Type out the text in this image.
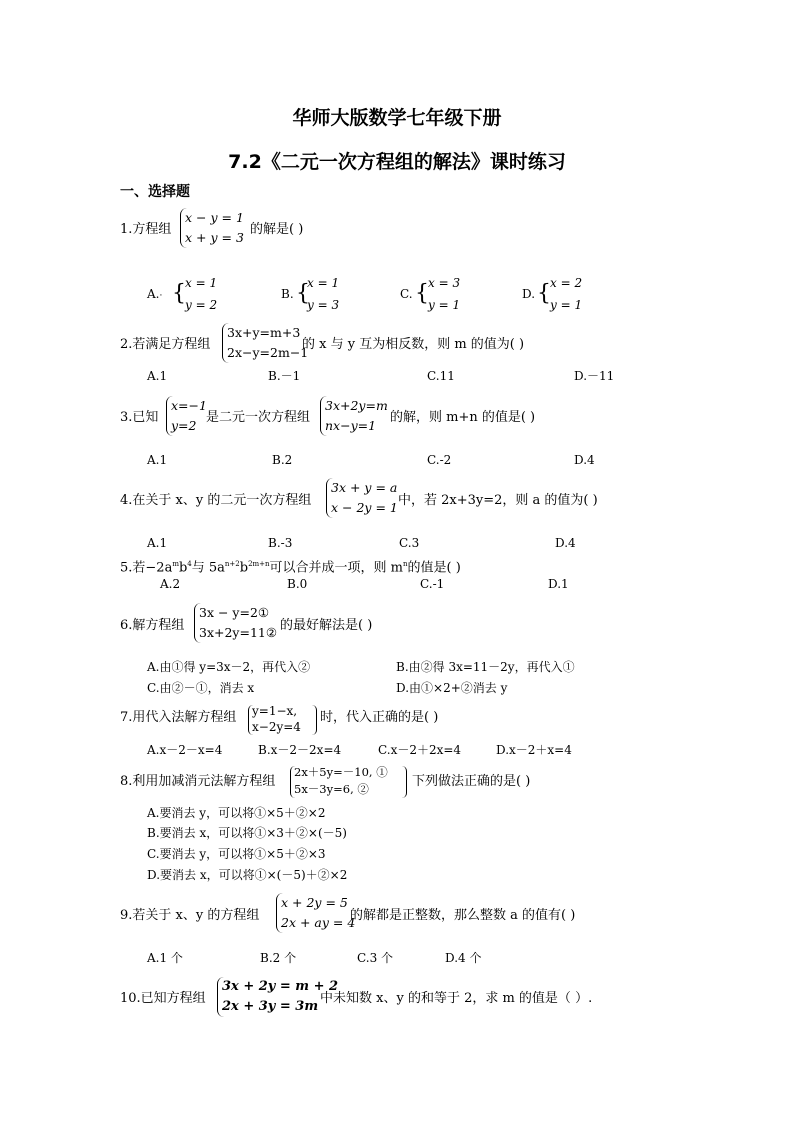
华师大版数学七年级下册
7.2《二元一次方程组的解法》课时练习
一、选择题
1.方程组
x − y = 1
x + y = 3
的解是( )
A.· { x = 1
y = 2
B. {
x = 1
y = 3
C. { x = 3
y = 1
D. { x = 2
y = 1
2.若满足方程组
3x+y=m+3
2x−y=2m−1
的 x 与 y 互为相反数，则 m 的值为( )
A.1	B.－1	C.11	D.－11
3.已知
x=−1
y=2
是二元一次方程组
3x+2y=m
nx−y=1
的解，则 m+n 的值是( )
A.1	B.2	C.-2	D.4
4.在关于 x、y 的二元一次方程组
3x + y = a
x − 2y = 1 中，若 2x+3y=2，则 a 的值为( )
A.1	B.-3	C.3	D.4
5.若$-2a^mb^4$与 $5a^{n+2}b^{2m+n}$可以合并成一项，则 $m^n$的值是( )
A.2	B.0	C.-1	D.1
6.解方程组
3x − y=2①
3x+2y=11② 的最好解法是( )
A.由①得 y=3x－2，再代入②	B.由②得 3x=11－2y，再代入①
C.由②－①，消去 x	D.由①×2+②消去 y
7.用代入法解方程组 y=1−x,
x−2y=4
时，代入正确的是( )
A.x－2－x=4	B.x－2－2x=4	C.x－2＋2x=4	D.x－2＋x=4
8.利用加减消元法解方程组
2x＋5y=－10, ①
5x－3y=6, ②	下列做法正确的是( )
A.要消去 y，可以将①×5＋②×2
B.要消去 x，可以将①×3＋②×(－5)
C.要消去 y，可以将①×5＋②×3
D.要消去 x，可以将①×(－5)＋②×2
9.若关于 x、y 的方程组
x + 2y = 5
2x + ay = 4
的解都是正整数，那么整数 a 的值有( )
A.1 个	B.2 个	C.3 个	D.4 个
10.已知方程组
3x + 2y = m + 2
2x + 3y = 3m
中未知数 x、y 的和等于 2，求 m 的值是（ ）.
